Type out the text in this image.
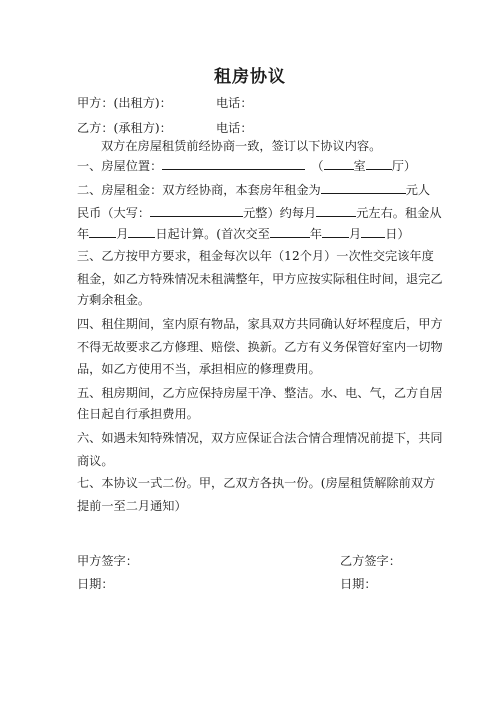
租房协议
甲方：(出租方)：	电话：
乙方：(承租方)：	电话：
双方在房屋租赁前经协商一致，签订以下协议内容。
一、房屋位置：	（ 室 厅）
二、房屋租金：双方经协商，本套房年租金为	元人
民币（大写：	元整）约每月	元左右。租金从
年 月 日起计算。(首次交至	年 月 日）
三、乙方按甲方要求，租金每次以年（12个月）一次性交完该年度
租金，如乙方特殊情况未租满整年，甲方应按实际租住时间，退完乙
方剩余租金。
四、租住期间，室内原有物品，家具双方共同确认好坏程度后，甲方
不得无故要求乙方修理、赔偿、换新。乙方有义务保管好室内一切物
品，如乙方使用不当，承担相应的修理费用。
五、租房期间，乙方应保持房屋干净、整洁。水、电、气，乙方自居
住日起自行承担费用。
六、如遇未知特殊情况，双方应保证合法合情合理情况前提下，共同
商议。
七、本协议一式二份。甲，乙双方各执一份。(房屋租赁解除前双方
提前一至二月通知）
甲方签字：	乙方签字：
日期：	日期：
